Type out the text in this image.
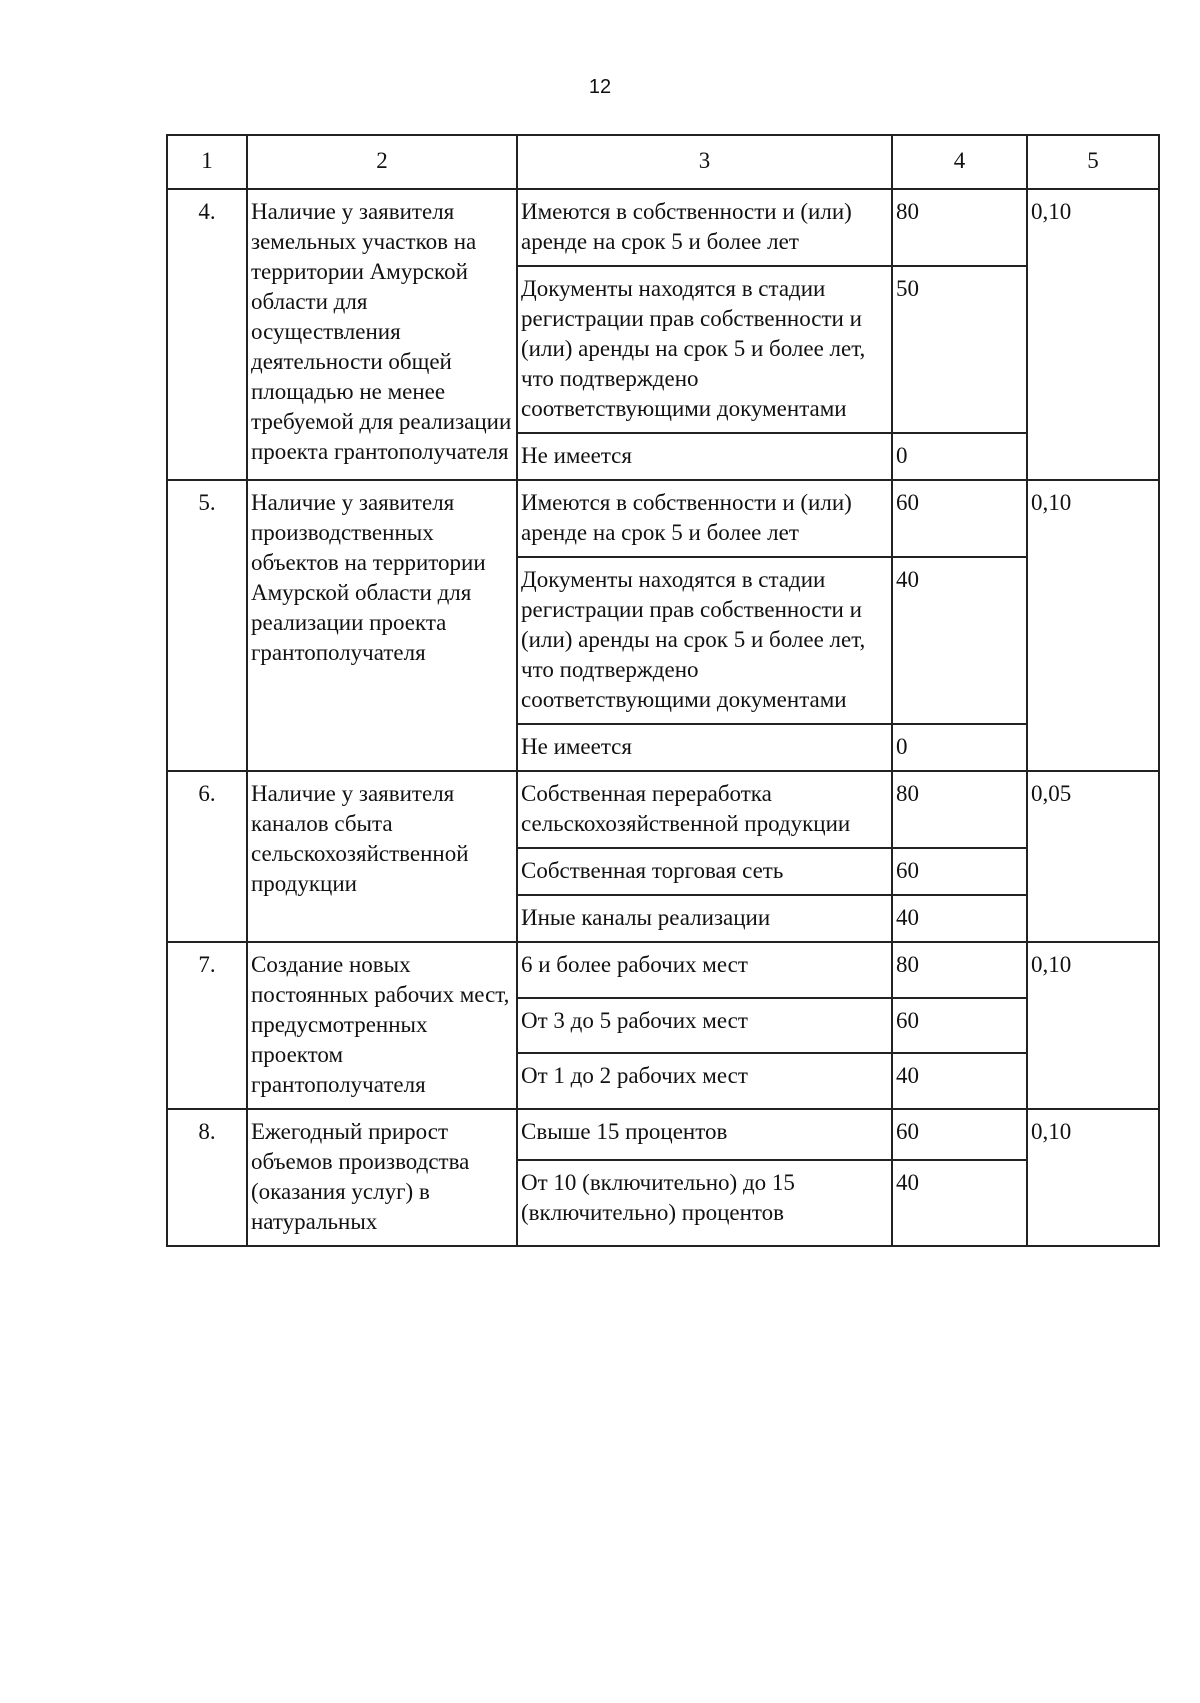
12
1	2	3	4	5
4.	Наличие у заявителя земельных участков на территории Амурской области для осуществления деятельности общей площадью не менее требуемой для реализации проекта грантополучателя	Имеются в собственности и (или) аренде на срок 5 и более лет	80	0,10
		Документы находятся в стадии регистрации прав собственности и (или) аренды на срок 5 и более лет, что подтверждено соответствующими документами	50	
		Не имеется	0	
5.	Наличие у заявителя производственных объектов на территории Амурской области для реализации проекта грантополучателя	Имеются в собственности и (или) аренде на срок 5 и более лет	60	0,10
		Документы находятся в стадии регистрации прав собственности и (или) аренды на срок 5 и более лет, что подтверждено соответствующими документами	40	
		Не имеется	0	
6.	Наличие у заявителя каналов сбыта сельскохозяйственной продукции	Собственная переработка сельскохозяйственной продукции	80	0,05
		Собственная торговая сеть	60	
		Иные каналы реализации	40	
7.	Создание новых постоянных рабочих мест, предусмотренных проектом грантополучателя	6 и более рабочих мест	80	0,10
		От 3 до 5 рабочих мест	60	
		От 1 до 2 рабочих мест	40	
8.	Ежегодный прирост объемов производства (оказания услуг) в натуральных	Свыше 15 процентов	60	0,10
		От 10 (включительно) до 15 (включительно) процентов	40	
